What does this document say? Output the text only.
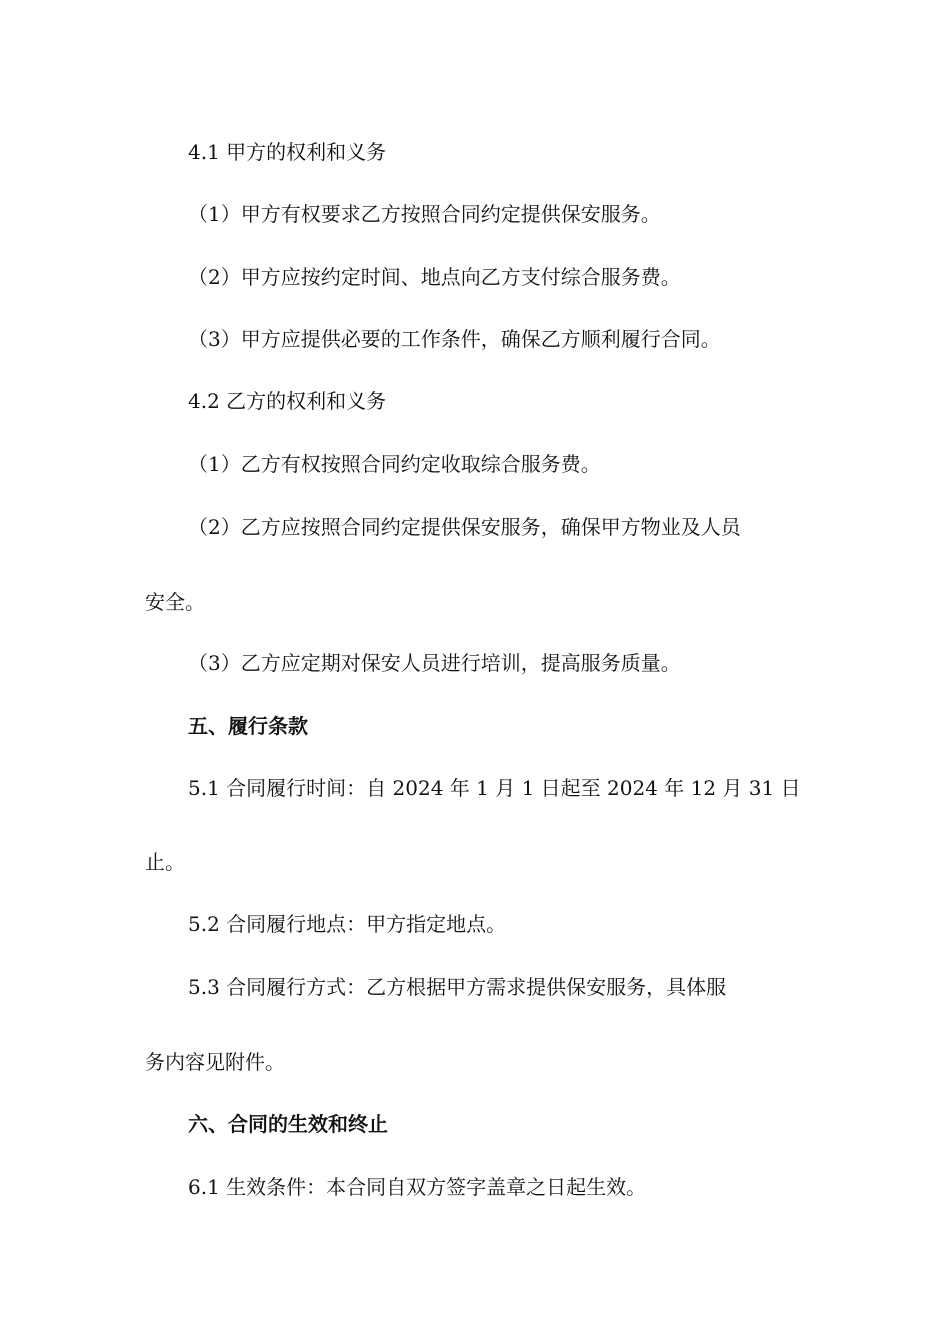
4.1 甲方的权利和义务
（1）甲方有权要求乙方按照合同约定提供保安服务。
（2）甲方应按约定时间、地点向乙方支付综合服务费。
（3）甲方应提供必要的工作条件，确保乙方顺利履行合同。
4.2 乙方的权利和义务
（1）乙方有权按照合同约定收取综合服务费。
（2）乙方应按照合同约定提供保安服务，确保甲方物业及人员
安全。
（3）乙方应定期对保安人员进行培训，提高服务质量。
五、履行条款
5.1 合同履行时间：自 2024 年 1 月 1 日起至 2024 年 12 月 31 日
止。
5.2 合同履行地点：甲方指定地点。
5.3 合同履行方式：乙方根据甲方需求提供保安服务，具体服
务内容见附件。
六、合同的生效和终止
6.1 生效条件：本合同自双方签字盖章之日起生效。
